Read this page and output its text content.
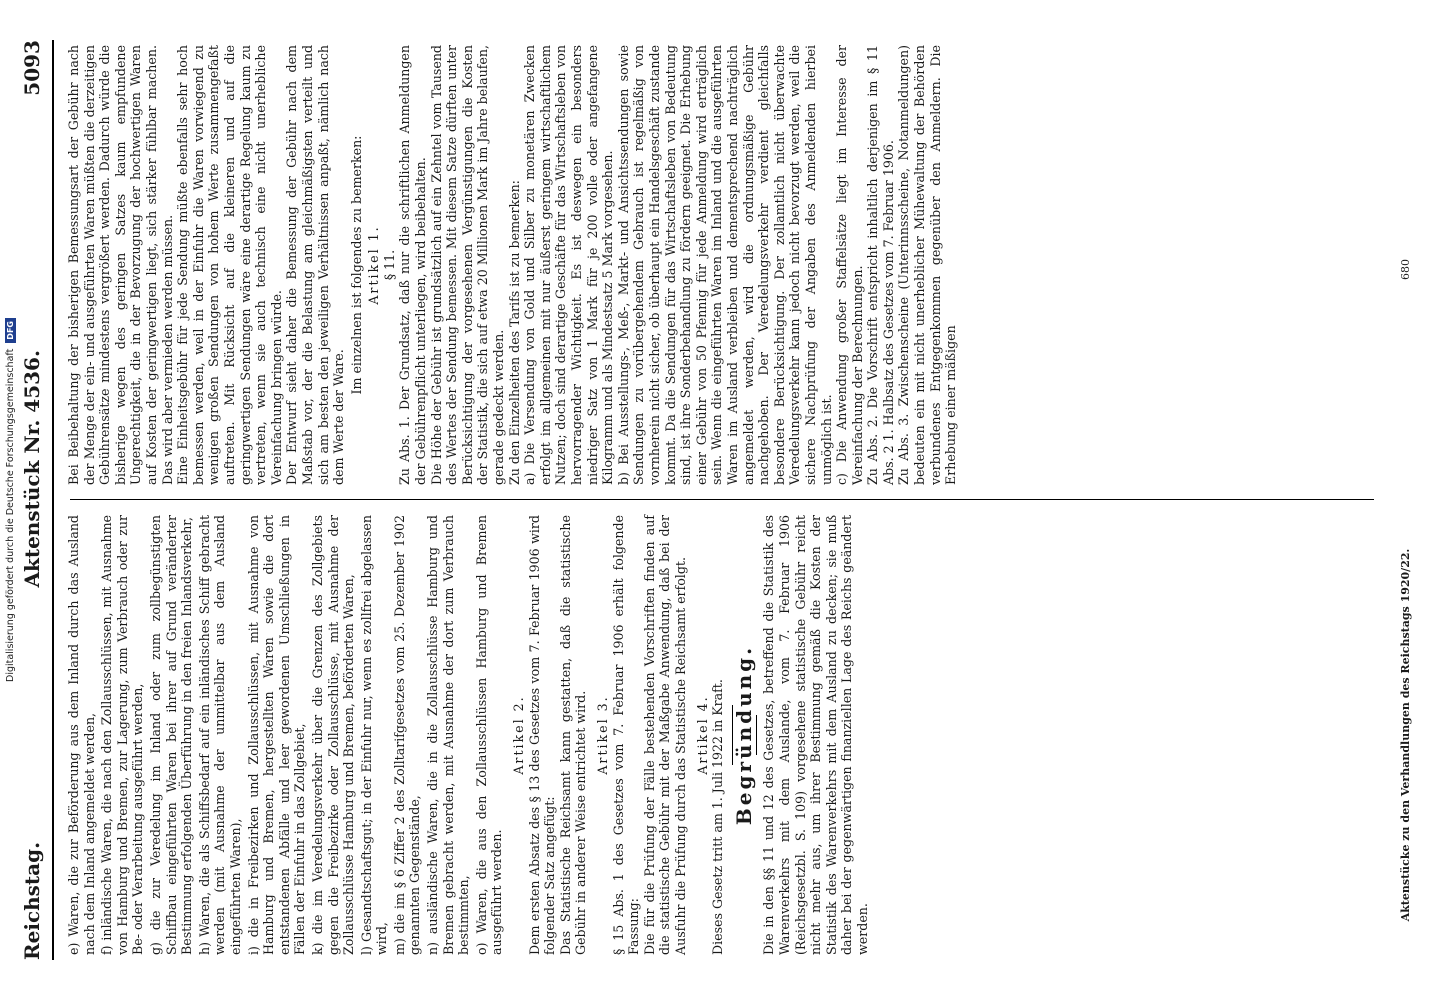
Reichstag.
Aktenstück Nr. 4536.
5093
e) Waren, die zur Beförderung aus dem Inland durch das Ausland nach dem Inland angemeldet werden, f) inländische Waren, die nach den Zollausschlüssen, mit Ausnahme von Hamburg und Bremen, zur Lagerung, zum Verbrauch oder zur Be- oder Verarbeitung ausgeführt werden, g) die zur Veredelung im Inland oder zum zollbegünstigten Schiffbau eingeführten Waren bei ihrer auf Grund veränderter Bestimmung erfolgenden Überführung in den freien Inlandsverkehr, h) Waren, die als Schiffsbedarf auf ein inländisches Schiff gebracht werden (mit Ausnahme der unmittelbar aus dem Ausland eingeführten Waren), i) die in Freibezirken und Zollausschlüssen, mit Ausnahme von Hamburg und Bremen, hergestellten Waren sowie die dort entstandenen Abfälle und leer gewordenen Umschließungen in Fällen der Einfuhr in das Zollgebiet, k) die im Veredelungsverkehr über die Grenzen des Zollgebiets gegen die Freibezirke oder Zollausschlüsse, mit Ausnahme der Zollausschlüsse Hamburg und Bremen, beförderten Waren, l) Gesandtschaftsgut; in der Einfuhr nur, wenn es zollfrei abgelassen wird, m) die im § 6 Ziffer 2 des Zolltarifgesetzes vom 25. Dezember 1902 genannten Gegenstände, n) ausländische Waren, die in die Zollausschlüsse Hamburg und Bremen gebracht werden, mit Ausnahme der dort zum Verbrauch bestimmten, o) Waren, die aus den Zollausschlüssen Hamburg und Bremen ausgeführt werden.
Artikel 2. Dem ersten Absatz des § 13 des Gesetzes vom 7. Februar 1906 wird folgender Satz angefügt: Das Statistische Reichsamt kann gestatten, daß die statistische Gebühr in anderer Weise entrichtet wird. Artikel 3. § 15 Abs. 1 des Gesetzes vom 7. Februar 1906 erhält folgende Fassung: Die für die Prüfung der Fälle bestehenden Vorschriften finden auf die statistische Gebühr mit der Maßgabe Anwendung, daß bei der Ausfuhr die Prüfung durch das Statistische Reichsamt erfolgt. Artikel 4. Dieses Gesetz tritt am 1. Juli 1922 in Kraft. Begründung. Die in den §§ 11 und 12 des Gesetzes, betreffend die Statistik des Warenverkehrs mit dem Auslande, vom 7. Februar 1906 (Reichsgesetzbl. S. 109) vorgesehene statistische Gebühr reicht nicht mehr aus, um ihrer Bestimmung gemäß die Kosten der Statistik des Warenverkehrs mit dem Ausland zu decken; sie muß daher bei der gegenwärtigen finanziellen Lage des Reichs geändert werden.
Bei Beibehaltung der bisherigen Bemessungsart der Gebühr nach der Menge der ein- und ausgeführten Waren müßten die derzeitigen Gebührensätze mindestens vergrößert werden. Dadurch würde die bisherige wegen des geringen Satzes kaum empfundene Ungerechtigkeit, die in der Bevorzugung der hochwertigen Waren auf Kosten der geringwertigen liegt, sich stärker fühlbar machen. Das wird aber vermieden werden müssen. Eine Einheitsgebühr für jede Sendung müßte ebenfalls sehr hoch bemessen werden, weil in der Einfuhr die Waren vorwiegend zu wenigen großen Sendungen von hohem Werte zusammengefaßt auftreten. Mit Rücksicht auf die kleineren und auf die geringwertigen Sendungen wäre eine derartige Regelung kaum zu vertreten, wenn sie auch technisch eine nicht unerhebliche Vereinfachung bringen würde. Der Entwurf sieht daher die Bemessung der Gebühr nach dem Maßstab vor, der die Belastung am gleichmäßigsten verteilt und sich am besten den jeweiligen Verhältnissen anpaßt, nämlich nach dem Werte der Ware.
Im einzelnen ist folgendes zu bemerken: Artikel 1. § 11. Zu Abs. 1. Der Grundsatz, daß nur die schriftlichen Anmeldungen der Gebührenpflicht unterliegen, wird beibehalten. Die Höhe der Gebühr ist grundsätzlich auf ein Zehntel vom Tausend des Wertes der Sendung bemessen. Mit diesem Satze dürften unter Berücksichtigung der vorgesehenen Vergünstigungen die Kosten der Statistik, die sich auf etwa 20 Millionen Mark im Jahre belaufen, gerade gedeckt werden. Zu den Einzelheiten des Tarifs ist zu bemerken: a) Die Versendung von Gold und Silber zu monetären Zwecken erfolgt im allgemeinen mit nur äußerst geringem wirtschaftlichem Nutzen; doch sind derartige Geschäfte für das Wirtschaftsleben von hervorragender Wichtigkeit. Es ist deswegen ein besonders niedriger Satz von 1 Mark für je 200 volle oder angefangene Kilogramm und als Mindestsatz 5 Mark vorgesehen. b) Bei Ausstellungs-, Meß-, Markt- und Ansichtssendungen sowie Sendungen zu vorübergehendem Gebrauch ist regelmäßig von vornherein nicht sicher, ob überhaupt ein Handelsgeschäft zustande kommt. Da die Sendungen für das Wirtschaftsleben von Bedeutung sind, ist ihre Sonderbehandlung zu fördern geeignet. Die Erhebung einer Gebühr von 50 Pfennig für jede Anmeldung wird erträglich sein. Wenn die eingeführten Waren im Inland und die ausgeführten Waren im Ausland verbleiben und dementsprechend nachträglich angemeldet werden, wird die ordnungsmäßige Gebühr nachgehoben. Der Veredelungsverkehr verdient gleichfalls besondere Berücksichtigung. Der zollamtlich nicht überwachte Veredelungsverkehr kann jedoch nicht bevorzugt werden, weil die sichere Nachprüfung der Angaben des Anmeldenden hierbei unmöglich ist. c) Die Anwendung großer Staffelsätze liegt im Interesse der Vereinfachung der Berechnungen. Zu Abs. 2. Die Vorschrift entspricht inhaltlich derjenigen im § 11 Abs. 2 1. Halbsatz des Gesetzes vom 7. Februar 1906. Zu Abs. 3. Zwischenscheine (Unterinnsscheine, Notanmeldungen) bedeuten ein mit nicht unerheblicher Mühewaltung der Behörden verbundenes Entgegenkommen gegenüber den Anmeldern. Die Erhebung einer mäßigen
Aktenstücke zu den Verhandlungen des Reichstags 1920/22.
680
Digitalisierung gefördert durch die Deutsche Forschungsgemeinschaft
DFG
